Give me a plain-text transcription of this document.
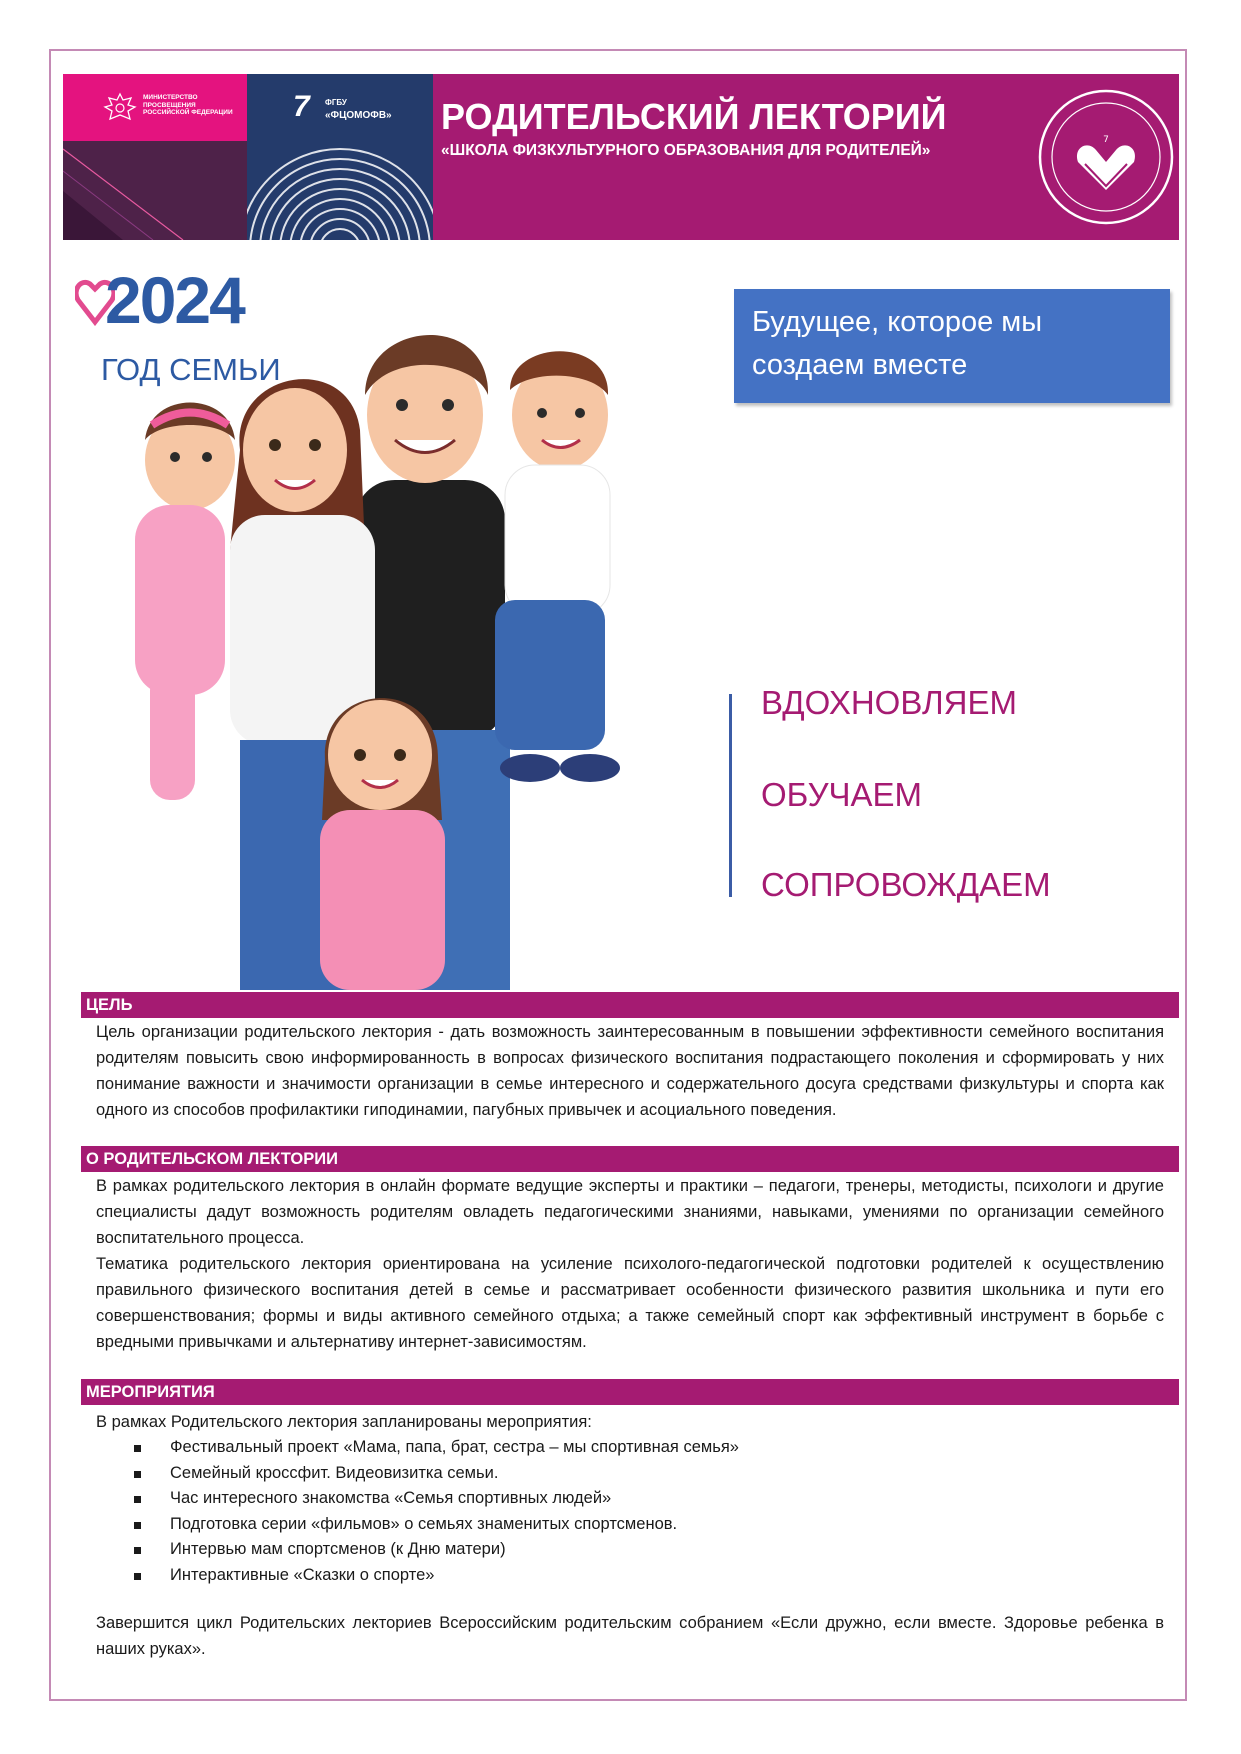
МИНИСТЕРСТВО ПРОСВЕЩЕНИЯ РОССИЙСКОЙ ФЕДЕРАЦИИ	7 ФГБУ
«ФЦОМОФВ» РОДИТЕЛЬСКИЙ ЛЕКТОРИЙ
«ШКОЛА ФИЗКУЛЬТУРНОГО ОБРАЗОВАНИЯ ДЛЯ РОДИТЕЛЕЙ»
7
2024
ГОД СЕМЬИ
Будущее, которое мы создаем вместе
ВДОХНОВЛЯЕМ
ОБУЧАЕМ
СОПРОВОЖДАЕМ
ЦЕЛЬ

Цель организации родительского лектория - дать возможность заинтересованным в повышении эффективности семейного воспитания родителям повысить свою информированность в вопросах физического воспитания подрастающего поколения и сформировать у них понимание важности и значимости организации в семье интересного и содержательного досуга средствами физкультуры и спорта как одного из способов профилактики гиподинамии, пагубных привычек и асоциального поведения.

О РОДИТЕЛЬСКОМ ЛЕКТОРИИ

В рамках родительского лектория в онлайн формате ведущие эксперты и практики – педагоги, тренеры, методисты, психологи и другие специалисты дадут возможность родителям овладеть педагогическими знаниями, навыками, умениями по организации семейного воспитательного процесса.

Тематика родительского лектория ориентирована на усиление психолого-педагогической подготовки родителей к осуществлению правильного физического воспитания детей в семье и рассматривает особенности физического развития школьника и пути его совершенствования; формы и виды активного семейного отдыха; а также семейный спорт как эффективный инструмент в борьбе с вредными привычками и альтернативу интернет-зависимостям.

МЕРОПРИЯТИЯ
В рамках Родительского лектория запланированы мероприятия:
Фестивальный проект «Мама, папа, брат, сестра – мы спортивная семья»
Семейный кроссфит. Видеовизитка семьи.
Час интересного знакомства «Семья спортивных людей»
Подготовка серии «фильмов» о семьях знаменитых спортсменов.
Интервью мам спортсменов (к Дню матери)
Интерактивные «Сказки о спорте»
Завершится цикл Родительских лекториев Всероссийским родительским собранием «Если дружно, если вместе. Здоровье ребенка в наших руках».
